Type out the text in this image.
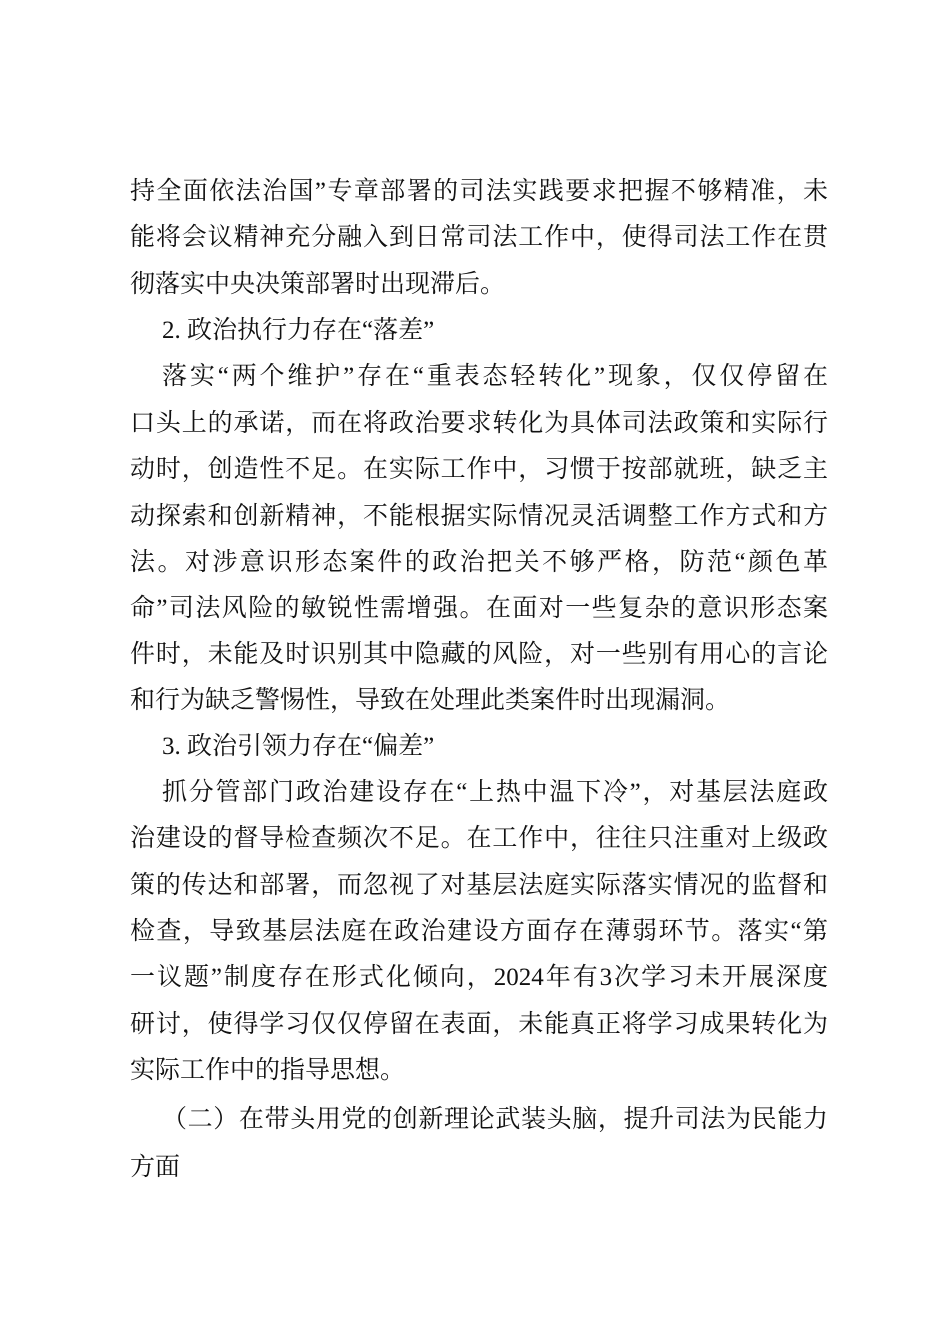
持全面依法治国”专章部署的司法实践要求把握不够精准，未
能将会议精神充分融入到日常司法工作中，使得司法工作在贯
彻落实中央决策部署时出现滞后。
2. 政治执行力存在“落差”
落实“两个维护”存在“重表态轻转化”现象，仅仅停留在
口头上的承诺，而在将政治要求转化为具体司法政策和实际行
动时，创造性不足。在实际工作中，习惯于按部就班，缺乏主
动探索和创新精神，不能根据实际情况灵活调整工作方式和方
法。对涉意识形态案件的政治把关不够严格，防范“颜色革
命”司法风险的敏锐性需增强。在面对一些复杂的意识形态案
件时，未能及时识别其中隐藏的风险，对一些别有用心的言论
和行为缺乏警惕性，导致在处理此类案件时出现漏洞。
3. 政治引领力存在“偏差”
抓分管部门政治建设存在“上热中温下冷”，对基层法庭政
治建设的督导检查频次不足。在工作中，往往只注重对上级政
策的传达和部署，而忽视了对基层法庭实际落实情况的监督和
检查，导致基层法庭在政治建设方面存在薄弱环节。落实“第
一议题”制度存在形式化倾向，2024年有3次学习未开展深度
研讨，使得学习仅仅停留在表面，未能真正将学习成果转化为
实际工作中的指导思想。
（二）在带头用党的创新理论武装头脑，提升司法为民能力
方面
